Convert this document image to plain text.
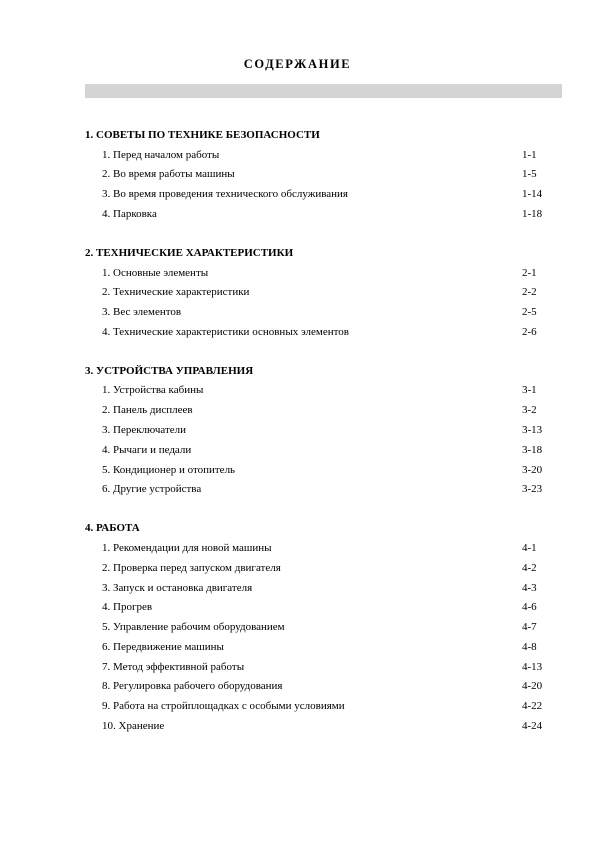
СОДЕРЖАНИЕ
1. СОВЕТЫ ПО ТЕХНИКЕ БЕЗОПАСНОСТИ
1. Перед началом работы	1-1
2. Во время работы машины	1-5
3. Во время проведения технического обслуживания	1-14
4. Парковка	1-18
2. ТЕХНИЧЕСКИЕ ХАРАКТЕРИСТИКИ
1. Основные элементы	2-1
2. Технические характеристики	2-2
3. Вес элементов	2-5
4. Технические характеристики основных элементов	2-6
3. УСТРОЙСТВА УПРАВЛЕНИЯ
1. Устройства кабины	3-1
2. Панель дисплеев	3-2
3. Переключатели	3-13
4. Рычаги и педали	3-18
5. Кондиционер и отопитель	3-20
6. Другие устройства	3-23
4. РАБОТА
1. Рекомендации для новой машины	4-1
2. Проверка перед запуском двигателя	4-2
3. Запуск и остановка двигателя	4-3
4. Прогрев	4-6
5. Управление рабочим оборудованием	4-7
6. Передвижение машины	4-8
7. Метод эффективной работы	4-13
8. Регулировка рабочего оборудования	4-20
9. Работа на стройплощадках с особыми условиями	4-22
10. Хранение	4-24
